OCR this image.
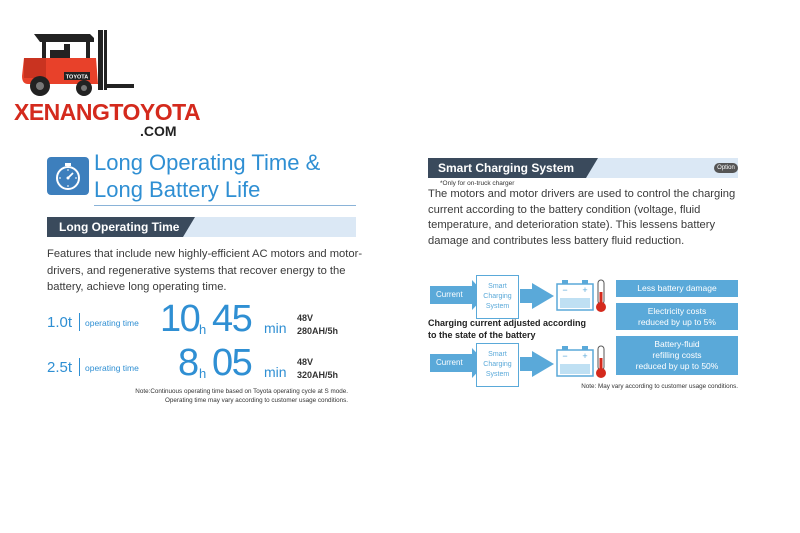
TOYOTA
XENANGTOYOTA
.COM
Long Operating Time &
Long Battery Life
Long Operating Time
Features that include new highly-efficient AC motors and motor-drivers, and regenerative systems that recover energy to the battery, achieve long operating time.
1.0t operating time 10 h 45 min
48V
280AH/5h
2.5t operating time 8 h 05 min
48V
320AH/5h
Note:Continuous operating time based on Toyota operating cycle at S mode.
Operating time may vary according to customer usage conditions.
Smart Charging System	Option
*Only for on-truck charger
The motors and motor drivers are used to control the charging current according to the battery condition (voltage, fluid temperature, and deterioration state). This lessens battery damage and contributes less battery fluid reduction.
Current
Smart
Charging
System
− +
Charging current adjusted according
to the state of the battery
Current
Smart
Charging
System
− +
Less battery damage
Electricity costs
reduced by up to 5%
Battery-fluid
refilling costs
reduced by up to 50%
Note: May vary according to customer usage conditions.
